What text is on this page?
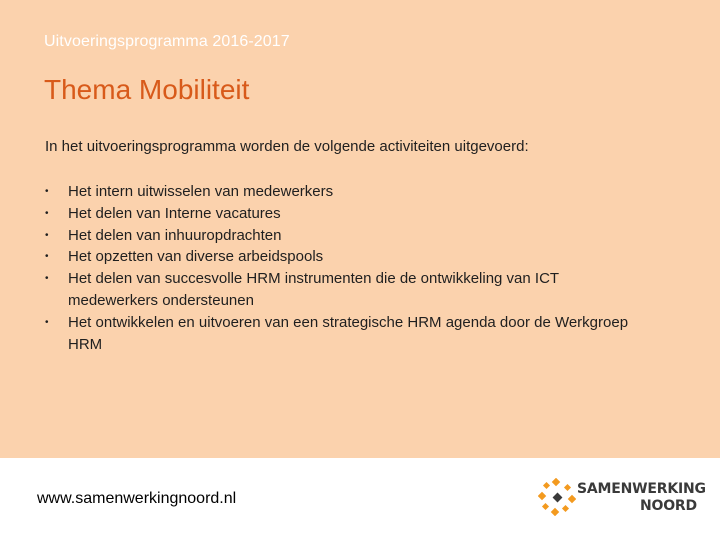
Uitvoeringsprogramma 2016-2017
Thema Mobiliteit
In het uitvoeringsprogramma worden de volgende activiteiten uitgevoerd:
•	Het intern uitwisselen van medewerkers
•	Het delen van Interne vacatures
•	Het delen van inhuuropdrachten
•	Het opzetten van diverse arbeidspools
•	Het delen van succesvolle HRM instrumenten die de ontwikkeling van ICT medewerkers ondersteunen
•	Het ontwikkelen en uitvoeren van een strategische HRM agenda door de Werkgroep HRM
www.samenwerkingnoord.nl
SAMENWERKING
NOORD
